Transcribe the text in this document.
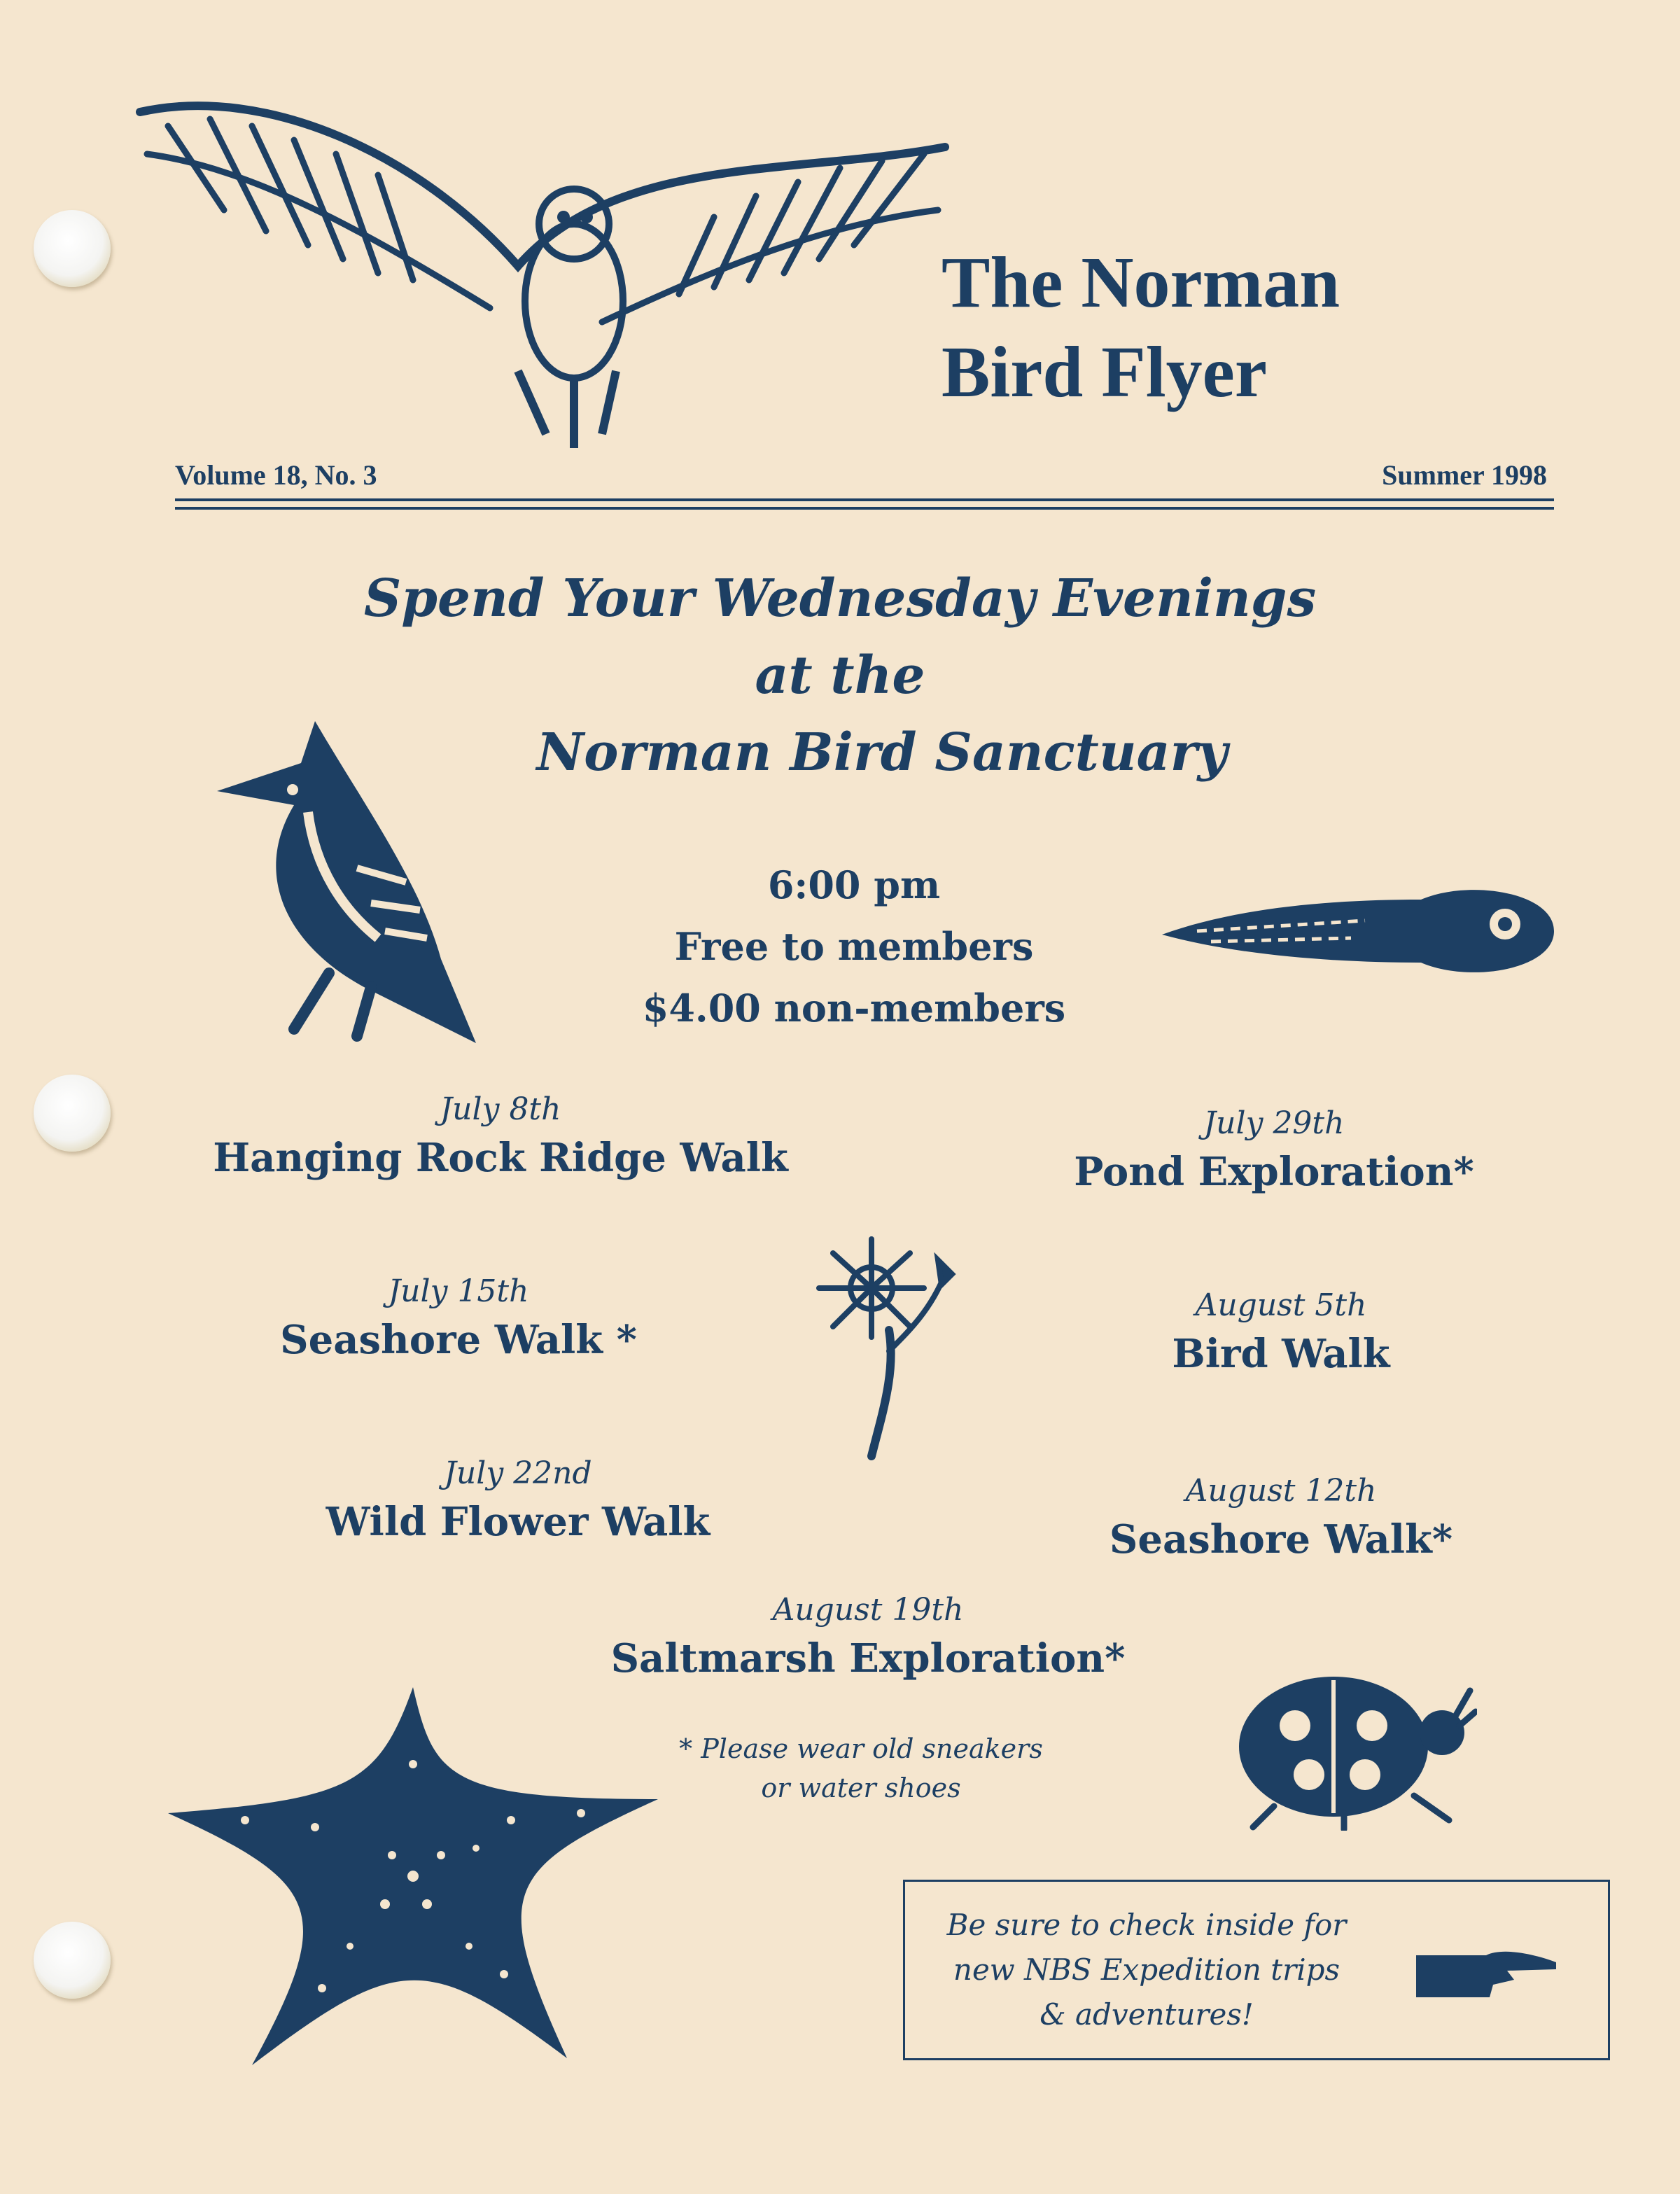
The Norman
Bird Flyer
Volume 18, No. 3	Summer 1998
Spend Your Wednesday Evenings
at the
Norman Bird Sanctuary
6:00 pm
Free to members
$4.00 non-members
July 8th
Hanging Rock Ridge Walk
July 15th
Seashore Walk *
July 22nd
Wild Flower Walk
July 29th
Pond Exploration*
August 5th
Bird Walk
August 12th
Seashore Walk*
August 19th
Saltmarsh Exploration*
* Please wear old sneakers
or water shoes
Be sure to check inside for
new NBS Expedition trips
& adventures!
